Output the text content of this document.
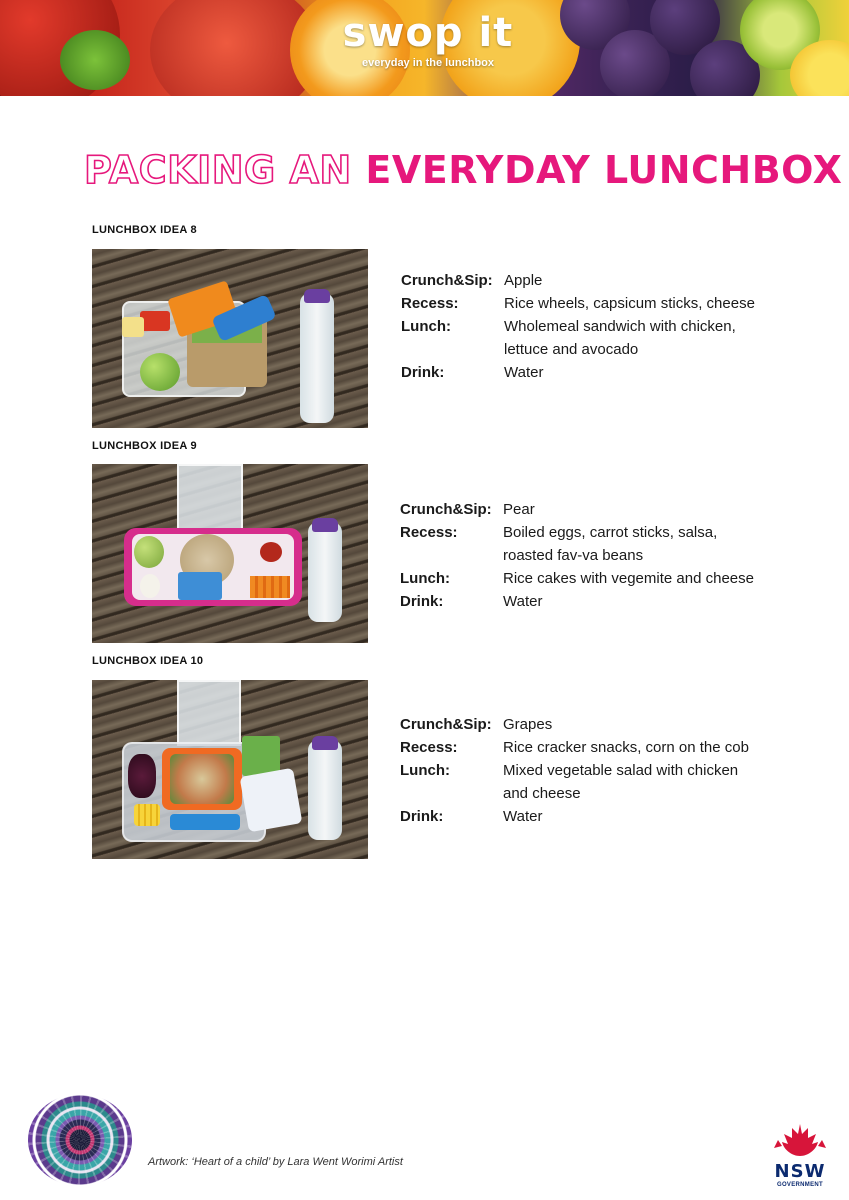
swop it
everyday in the lunchbox
PACKING AN EVERYDAY LUNCHBOX
LUNCHBOX IDEA 8
Crunch&Sip: Apple
Recess:	Rice wheels, capsicum sticks, cheese
Lunch:	Wholemeal sandwich with chicken,
lettuce and avocado
Drink:	Water
LUNCHBOX IDEA 9
Crunch&Sip: Pear
Recess:	Boiled eggs, carrot sticks, salsa,
roasted fav-va beans
Lunch:	Rice cakes with vegemite and cheese
Drink:	Water
LUNCHBOX IDEA 10
Crunch&Sip: Grapes
Recess:	Rice cracker snacks, corn on the cob
Lunch:	Mixed vegetable salad with chicken
and cheese
Drink:	Water
Artwork: ‘Heart of a child’ by Lara Went Worimi Artist	NSW
GOVERNMENT
